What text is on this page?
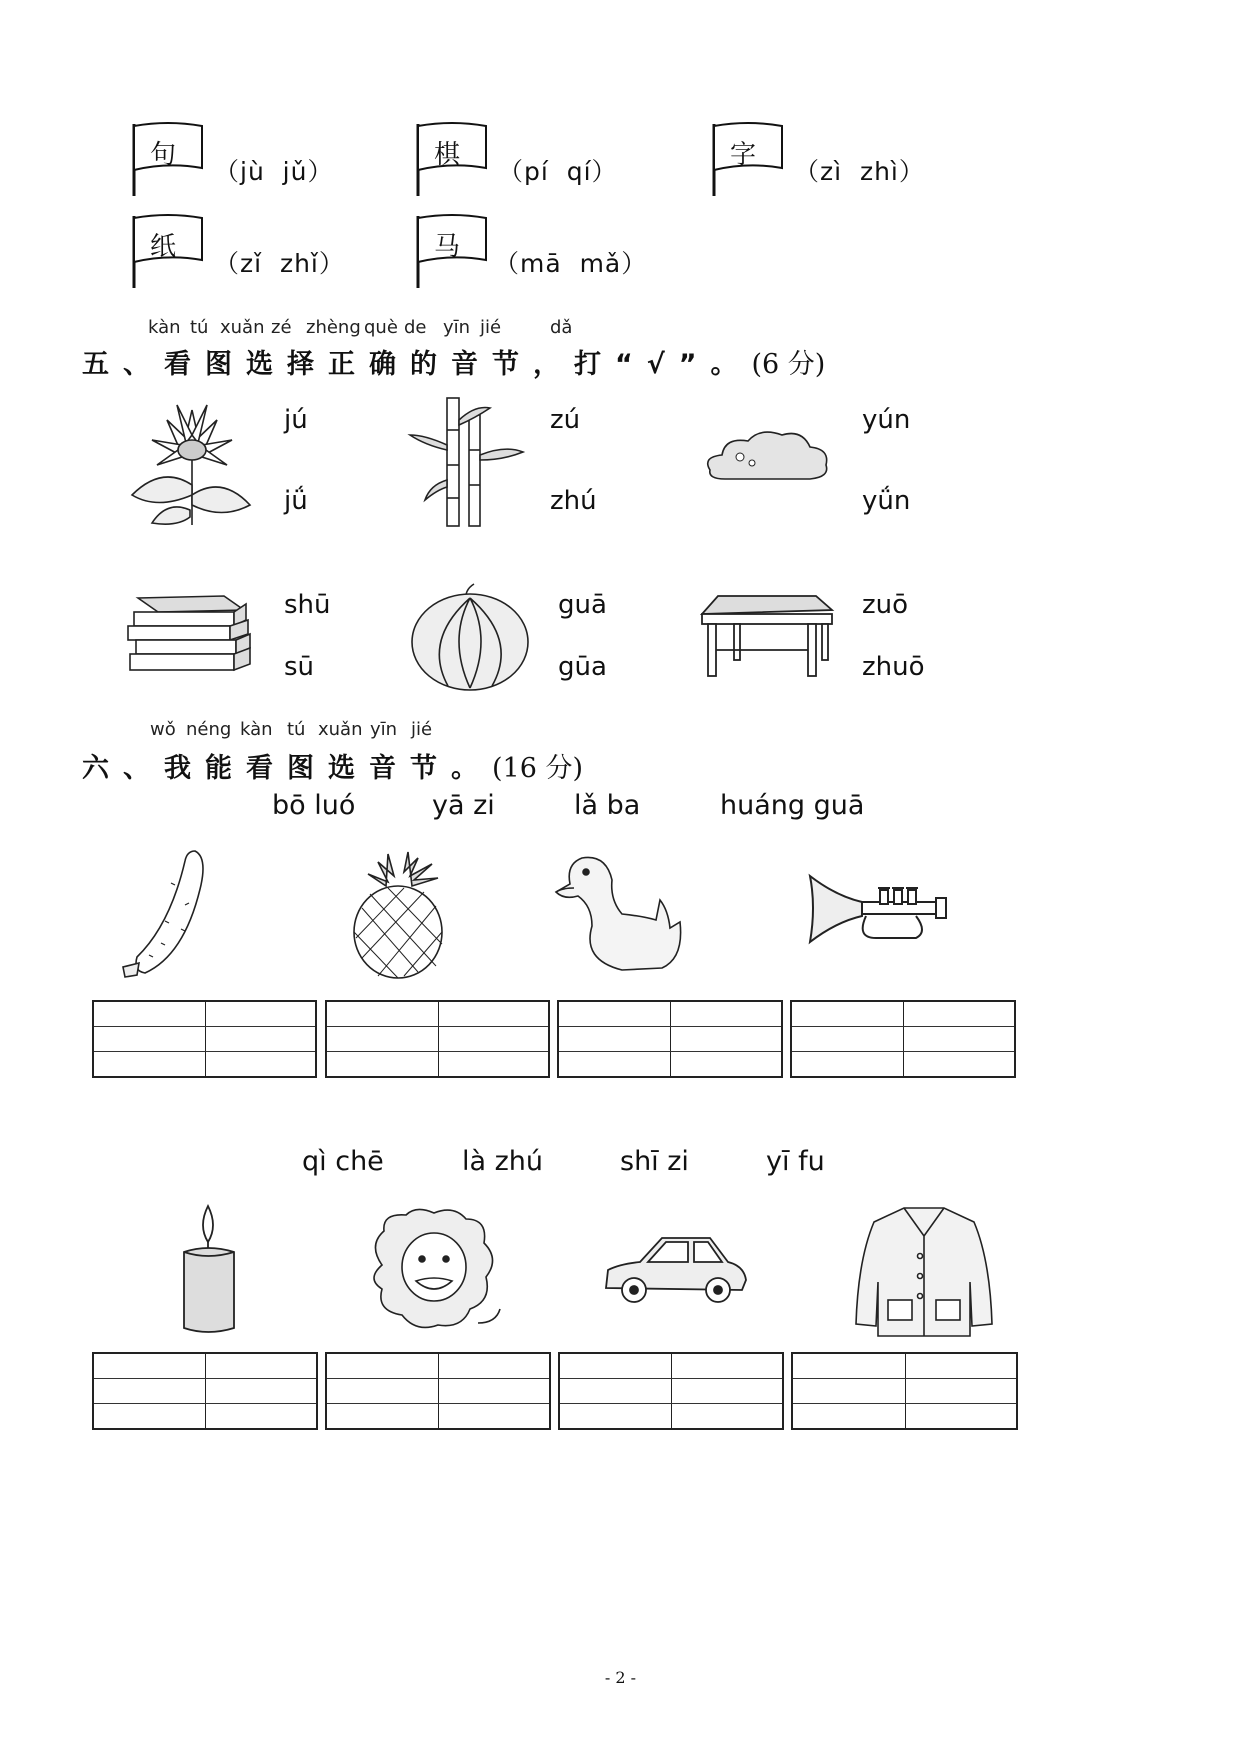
句
（jù  jǔ）
棋
（pí  qí）
字
（zì  zhì）
纸
（zǐ  zhǐ）
马
（mā  mǎ）
kàn tú xuǎn zé zhèng què de yīn jié	dǎ
五、看图选择正确的音节，打“√”。(6 分)
jú
jǘ
zú
zhú
yún
yǘn
shū
sū
guā
gūa
zuō
zhuō
wǒ néng kàn tú xuǎn yīn jié
六、我能看图选音节。(16 分)
bō luó	yā zi	lǎ ba	huáng guā
qì chē	là zhú	shī zi	yī fu
- 2 -
